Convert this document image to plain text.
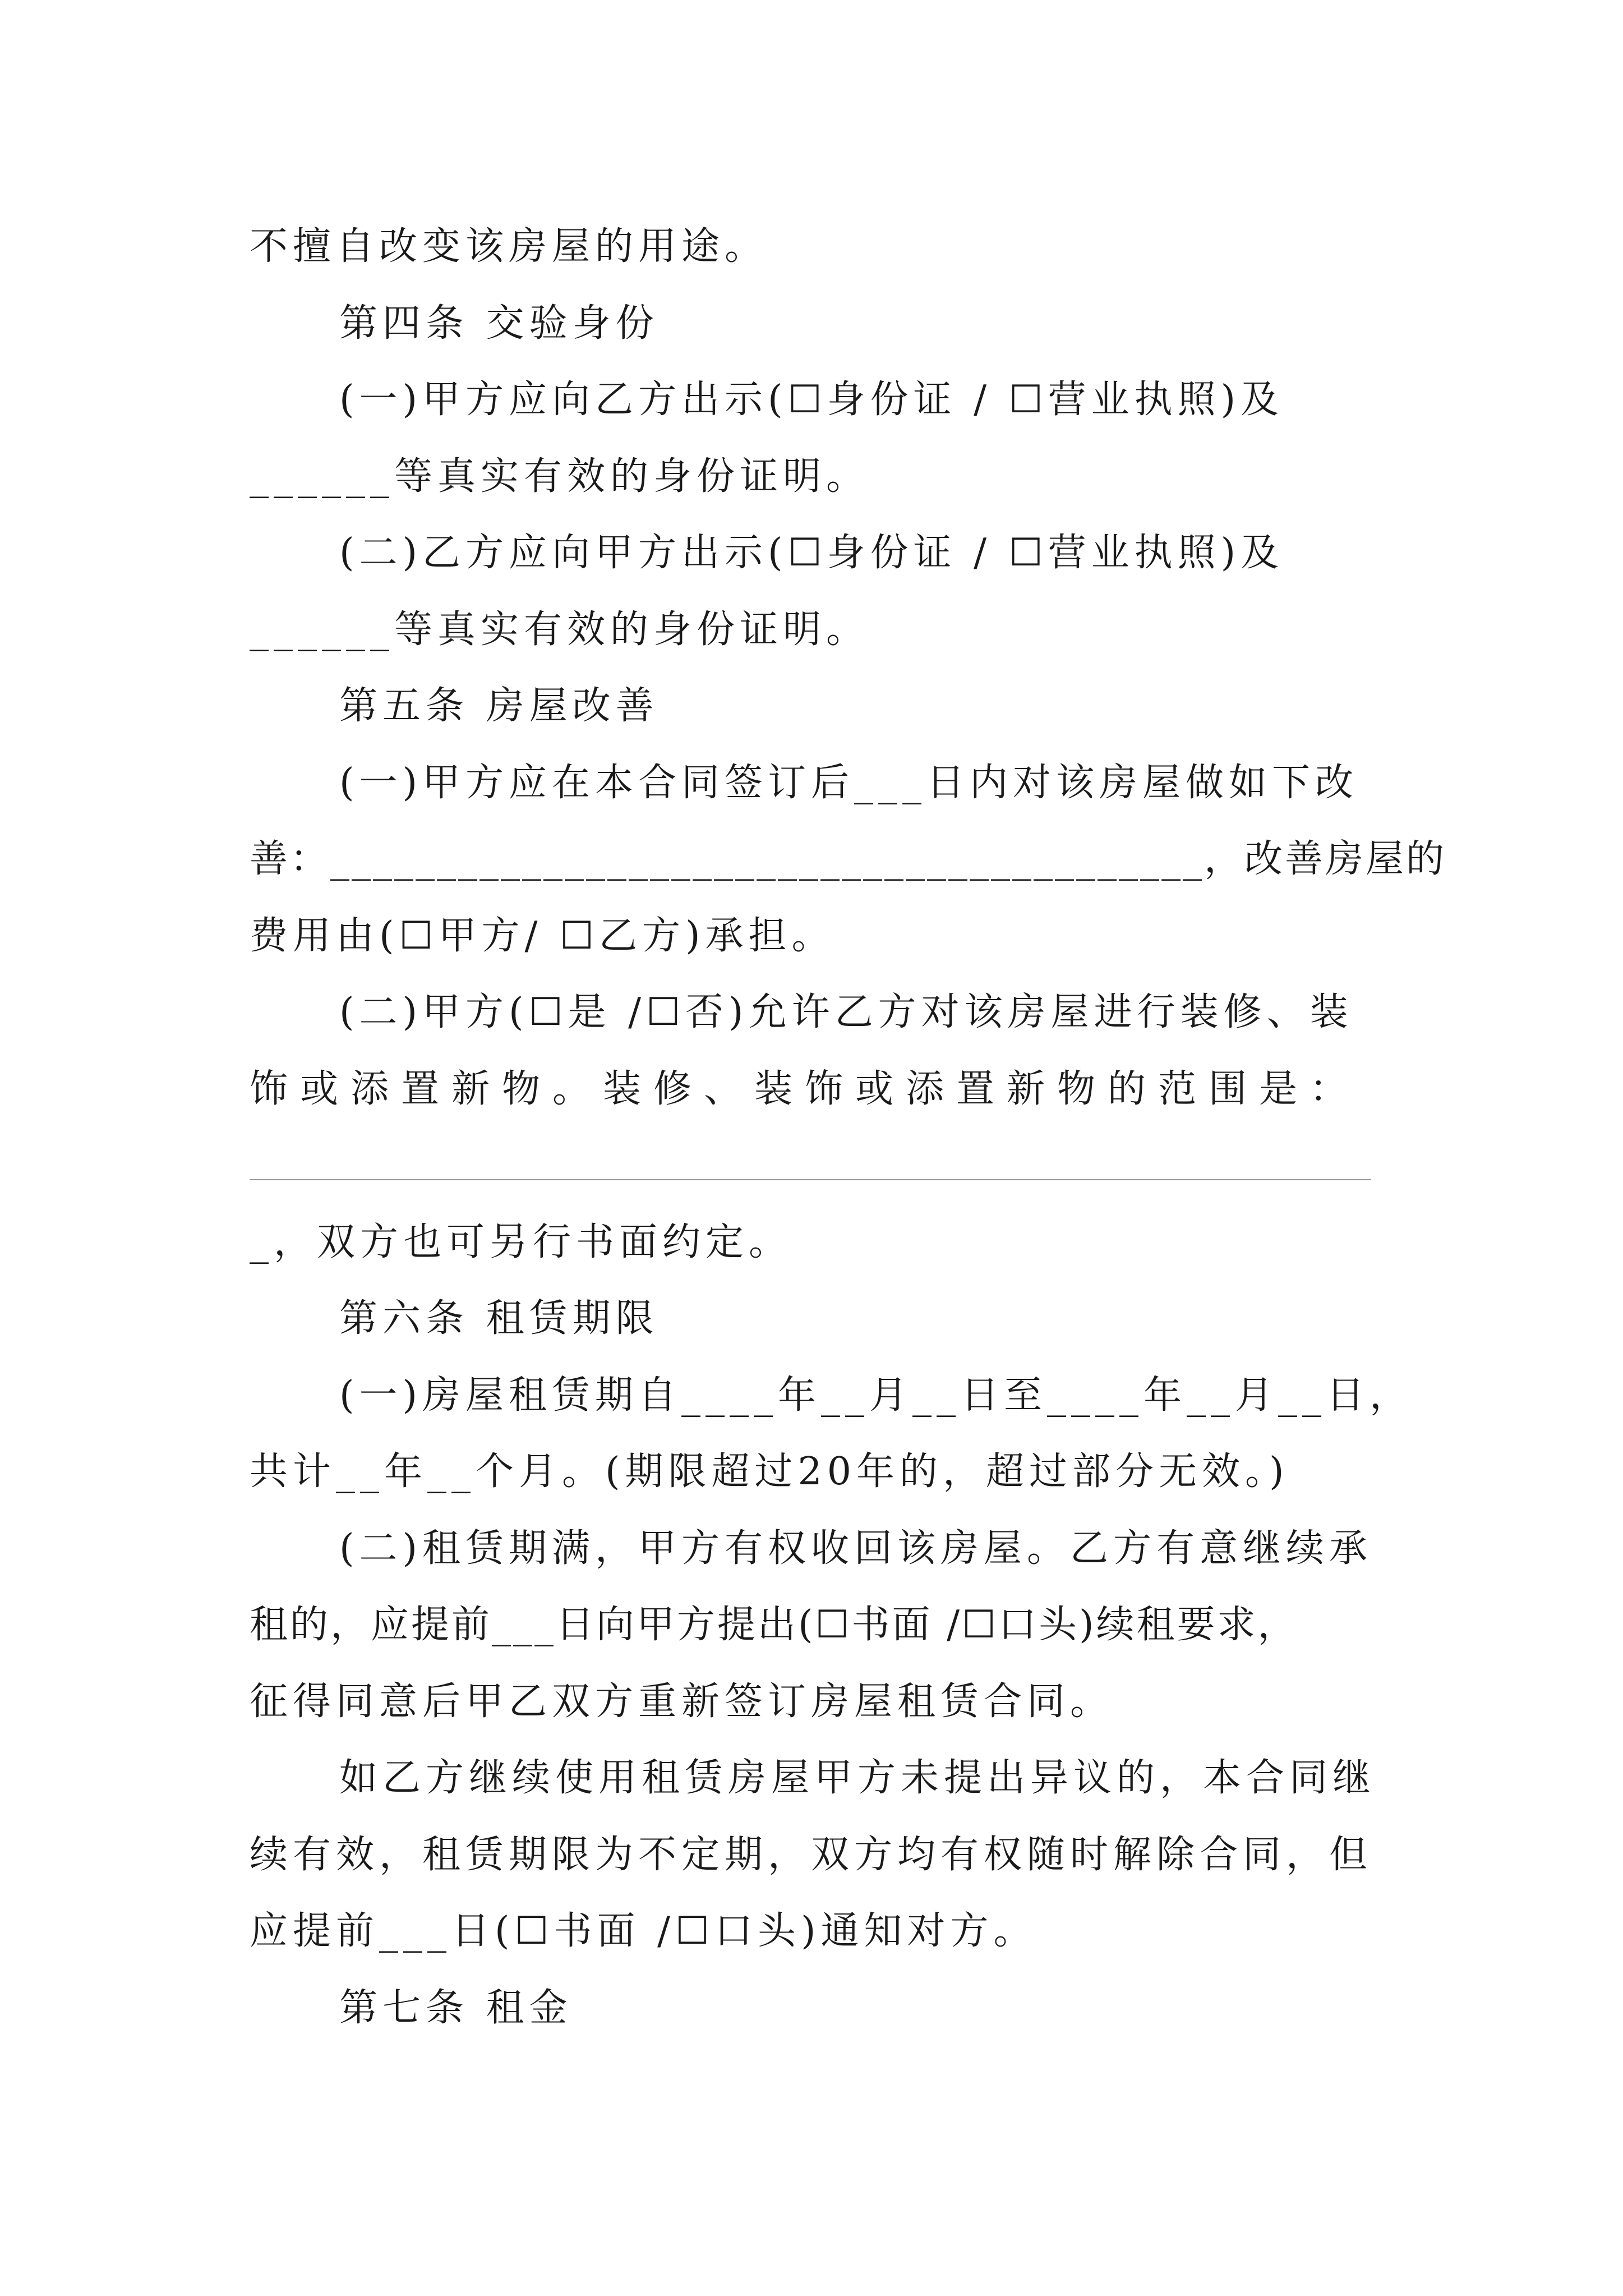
不擅自改变该房屋的用途。
第四条 交验身份
(一)甲方应向乙方出示(☐身份证 / ☐营业执照)及
______等真实有效的身份证明。
(二)乙方应向甲方出示(☐身份证 / ☐营业执照)及
______等真实有效的身份证明。
第五条 房屋改善
(一)甲方应在本合同签订后___日内对该房屋做如下改
善：_________________________________________，改善房屋的
费用由(☐甲方/ ☐乙方)承担。
(二)甲方(☐是 /☐否)允许乙方对该房屋进行装修、装
饰或添置新物。装修、装饰或添置新物的范围是：
_，双方也可另行书面约定。
第六条 租赁期限
(一)房屋租赁期自____年__月__日至____年__月__日，
共计__年__个月。(期限超过20年的，超过部分无效。)
(二)租赁期满，甲方有权收回该房屋。乙方有意继续承
租的，应提前___日向甲方提出(☐书面 /☐口头)续租要求，
征得同意后甲乙双方重新签订房屋租赁合同。
如乙方继续使用租赁房屋甲方未提出异议的，本合同继
续有效，租赁期限为不定期，双方均有权随时解除合同，但
应提前___日(☐书面 /☐口头)通知对方。
第七条 租金
